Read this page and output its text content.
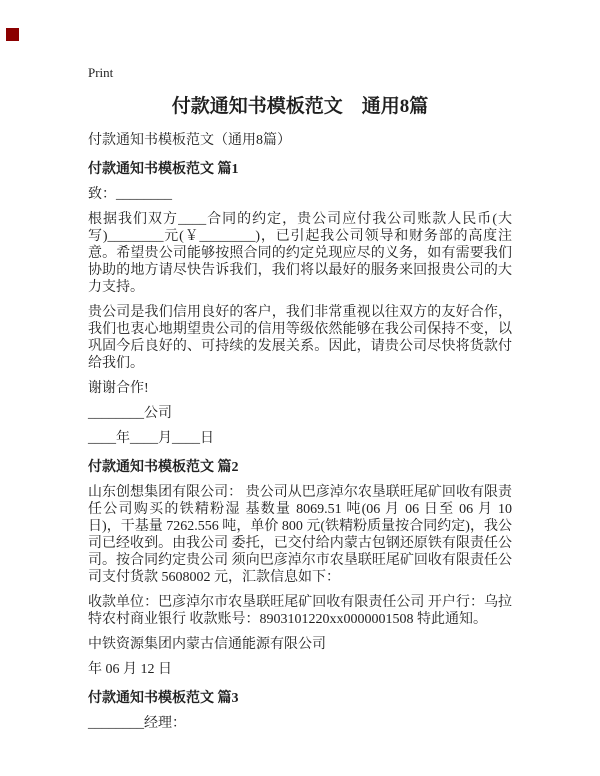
Print

付款通知书模板范文　通用8篇

付款通知书模板范文（通用8篇）

付款通知书模板范文 篇1

致：________

根据我们双方____合同的约定，贵公司应付我公司账款人民币(大写)________元(￥________)，已引起我公司领导和财务部的高度注意。希望贵公司能够按照合同的约定兑现应尽的义务，如有需要我们协助的地方请尽快告诉我们，我们将以最好的服务来回报贵公司的大力支持。

贵公司是我们信用良好的客户，我们非常重视以往双方的友好合作，我们也衷心地期望贵公司的信用等级依然能够在我公司保持不变，以巩固今后良好的、可持续的发展关系。因此，请贵公司尽快将货款付给我们。

谢谢合作!

________公司

____年____月____日

付款通知书模板范文 篇2

山东创想集团有限公司： 贵公司从巴彦淖尔农垦联旺尾矿回收有限责任公司购买的铁精粉湿 基数量 8069.51 吨(06 月 06 日至 06 月 10 日)，干基量 7262.556 吨，单价 800 元(铁精粉质量按合同约定)，我公司已经收到。由我公司 委托，已交付给内蒙古包钢还原铁有限责任公司。按合同约定贵公司 须向巴彦淖尔市农垦联旺尾矿回收有限责任公司支付货款 5608002 元，汇款信息如下：

收款单位：巴彦淖尔市农垦联旺尾矿回收有限责任公司 开户行：乌拉特农村商业银行 收款账号：8903101220xx0000001508 特此通知。

中铁资源集团内蒙古信通能源有限公司

年 06 月 12 日

付款通知书模板范文 篇3

________经理：
